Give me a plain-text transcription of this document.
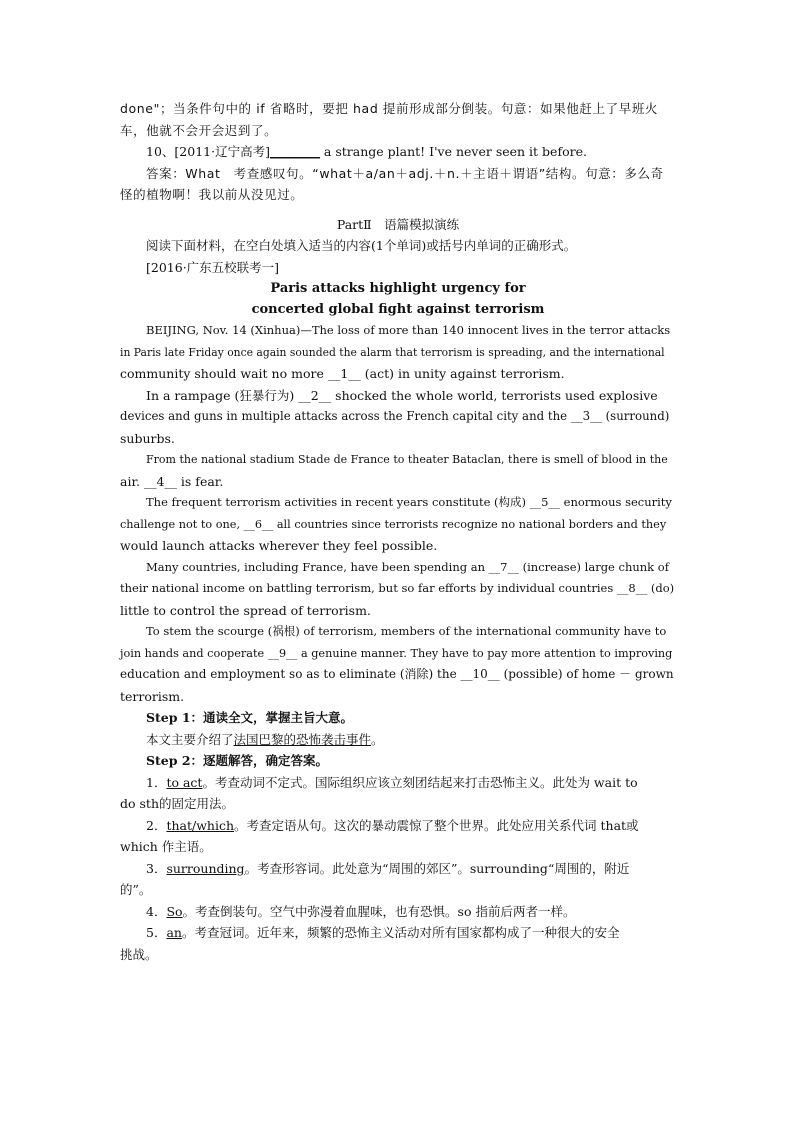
done"；当条件句中的 if 省略时，要把 had 提前形成部分倒装。句意：如果他赶上了早班火
车，他就不会开会迟到了。

10、[2011·辽宁高考]________ a strange plant! I've never seen it before.

答案：What　考查感叹句。“what＋a/an＋adj.＋n.＋主语＋谓语”结构。句意：多么奇
怪的植物啊！我以前从没见过。

PartⅡ　语篇模拟演练

阅读下面材料，在空白处填入适当的内容(1个单词)或括号内单词的正确形式。

[2016·广东五校联考一]

Paris attacks highlight urgency for

concerted global fight against terrorism

BEIJING, Nov. 14 (Xinhua)—The loss of more than 140 innocent lives in the terror attacks
in Paris late Friday once again sounded the alarm that terrorism is spreading, and the international
community should wait no more __1__ (act) in unity against terrorism.

In a rampage (狂暴行为) __2__ shocked the whole world, terrorists used explosive
devices and guns in multiple attacks across the French capital city and the __3__ (surround)
suburbs.

From the national stadium Stade de France to theater Bataclan, there is smell of blood in the
air. __4__ is fear.

The frequent terrorism activities in recent years constitute (构成) __5__ enormous security
challenge not to one, __6__ all countries since terrorists recognize no national borders and they
would launch attacks wherever they feel possible.

Many countries, including France, have been spending an __7__ (increase) large chunk of
their national income on battling terrorism, but so far efforts by individual countries __8__ (do)
little to control the spread of terrorism.

To stem the scourge (祸根) of terrorism, members of the international community have to
join hands and cooperate __9__ a genuine manner. They have to pay more attention to improving
education and employment so as to eliminate (消除) the __10__ (possible) of home － grown
terrorism.

Step 1：通读全文，掌握主旨大意。

本文主要介绍了法国巴黎的恐怖袭击事件。

Step 2：逐题解答，确定答案。

1．to act。考查动词不定式。国际组织应该立刻团结起来打击恐怖主义。此处为 wait to
do sth的固定用法。

2．that/which。考查定语从句。这次的暴动震惊了整个世界。此处应用关系代词 that或
which 作主语。

3．surrounding。考查形容词。此处意为“周围的郊区”。surrounding“周围的，附近
的”。

4．So。考查倒装句。空气中弥漫着血腥味，也有恐惧。so 指前后两者一样。

5．an。考查冠词。近年来，频繁的恐怖主义活动对所有国家都构成了一种很大的安全
挑战。
